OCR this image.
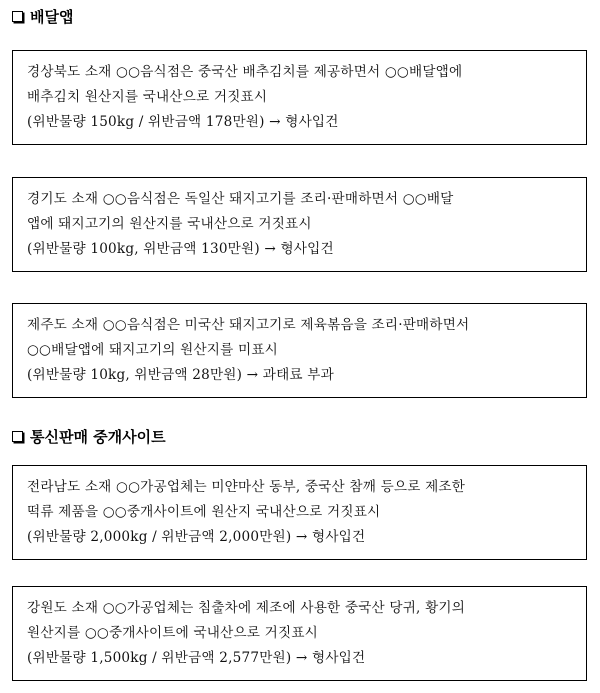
배달앱

경상북도 소재 ○○음식점은 중국산 배추김치를 제공하면서 ○○배달앱에

배추김치 원산지를 국내산으로 거짓표시

(위반물량 150kg / 위반금액 178만원) → 형사입건

경기도 소재 ○○음식점은 독일산 돼지고기를 조리·판매하면서 ○○배달

앱에 돼지고기의 원산지를 국내산으로 거짓표시

(위반물량 100kg, 위반금액 130만원) → 형사입건

제주도 소재 ○○음식점은 미국산 돼지고기로 제육볶음을 조리·판매하면서

○○배달앱에 돼지고기의 원산지를 미표시

(위반물량 10kg, 위반금액 28만원) → 과태료 부과

통신판매 중개사이트

전라남도 소재 ○○가공업체는 미얀마산 동부, 중국산 참깨 등으로 제조한

떡류 제품을 ○○중개사이트에 원산지 국내산으로 거짓표시

(위반물량 2,000kg / 위반금액 2,000만원) → 형사입건

강원도 소재 ○○가공업체는 침출차에 제조에 사용한 중국산 당귀, 황기의

원산지를 ○○중개사이트에 국내산으로 거짓표시

(위반물량 1,500kg / 위반금액 2,577만원) → 형사입건
